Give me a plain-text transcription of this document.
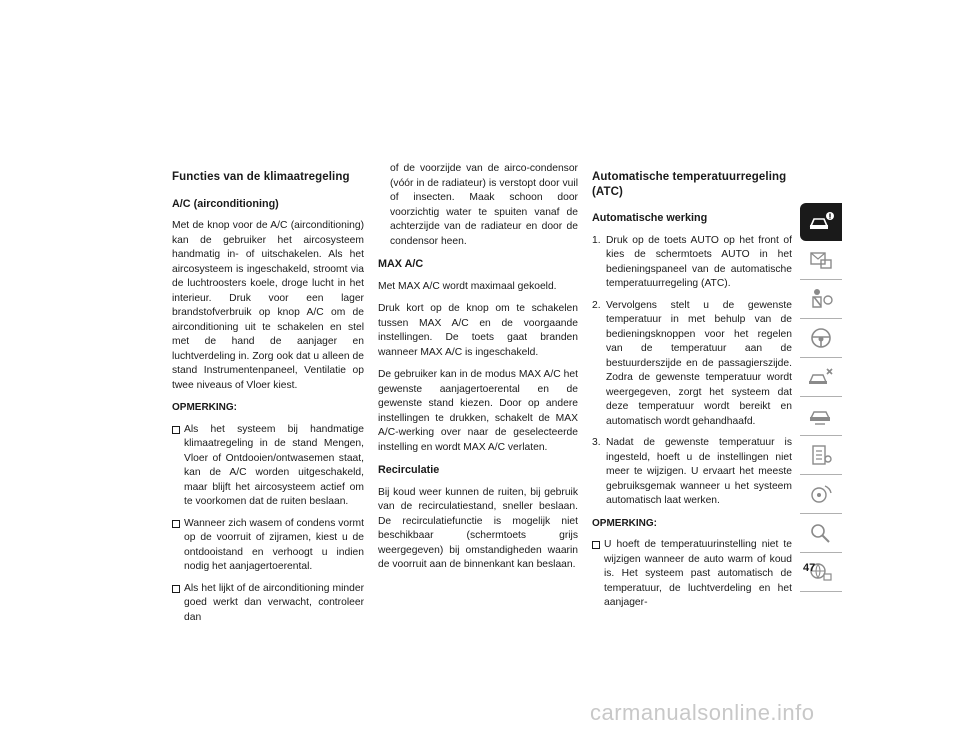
Functies van de klimaatregeling
A/C (airconditioning)

Met de knop voor de A/C (airconditioning) kan de gebruiker het aircosysteem handmatig in- of uitschakelen. Als het aircosysteem is ingeschakeld, stroomt via de luchtroosters koele, droge lucht in het interieur. Druk voor een lager brandstofverbruik op knop A/C om de airconditioning uit te schakelen en stel met de hand de aanjager en luchtverdeling in. Zorg ook dat u alleen de stand Instrumentenpaneel, Ventilatie op twee niveaus of Vloer kiest.

OPMERKING:
Als het systeem bij handmatige klimaatregeling in de stand Mengen, Vloer of Ontdooien/ontwasemen staat, kan de A/C worden uitgeschakeld, maar blijft het aircosysteem actief om te voorkomen dat de ruiten beslaan.
Wanneer zich wasem of condens vormt op de voorruit of zijramen, kiest u de ontdooistand en verhoogt u indien nodig het aanjagertoerental.
Als het lijkt of de airconditioning minder goed werkt dan verwacht, controleer dan

of de voorzijde van de airco-condensor (vóór in de radiateur) is verstopt door vuil of insecten. Maak schoon door voorzichtig water te spuiten vanaf de achterzijde van de radiateur en door de condensor heen.

MAX A/C

Met MAX A/C wordt maximaal gekoeld.

Druk kort op de knop om te schakelen tussen MAX A/C en de voorgaande instellingen. De toets gaat branden wanneer MAX A/C is ingeschakeld.

De gebruiker kan in de modus MAX A/C het gewenste aanjagertoerental en de gewenste stand kiezen. Door op andere instellingen te drukken, schakelt de MAX A/C-werking over naar de geselecteerde instelling en wordt MAX A/C verlaten.

Recirculatie

Bij koud weer kunnen de ruiten, bij gebruik van de recirculatiestand, sneller beslaan. De recirculatiefunctie is mogelijk niet beschikbaar (schermtoets grijs weergegeven) bij omstandigheden waarin de voorruit aan de binnenkant kan beslaan.

Automatische temperatuurregeling (ATC)
Automatische werking
1. Druk op de toets AUTO op het front of kies de schermtoets AUTO in het bedieningspaneel van de automatische temperatuurregeling (ATC).
2. Vervolgens stelt u de gewenste temperatuur in met behulp van de bedieningsknoppen voor het regelen van de temperatuur aan de bestuurderszijde en de passagierszijde. Zodra de gewenste temperatuur wordt weergegeven, zorgt het systeem dat deze temperatuur wordt bereikt en automatisch wordt gehandhaafd.
3. Nadat de gewenste temperatuur is ingesteld, hoeft u de instellingen niet meer te wijzigen. U ervaart het meeste gebruiksgemak wanneer u het systeem automatisch laat werken.
OPMERKING:
U hoeft de temperatuurinstelling niet te wijzigen wanneer de auto warm of koud is. Het systeem past automatisch de temperatuur, de luchtverdeling en het aanjager-
47
carmanualsonline.info
